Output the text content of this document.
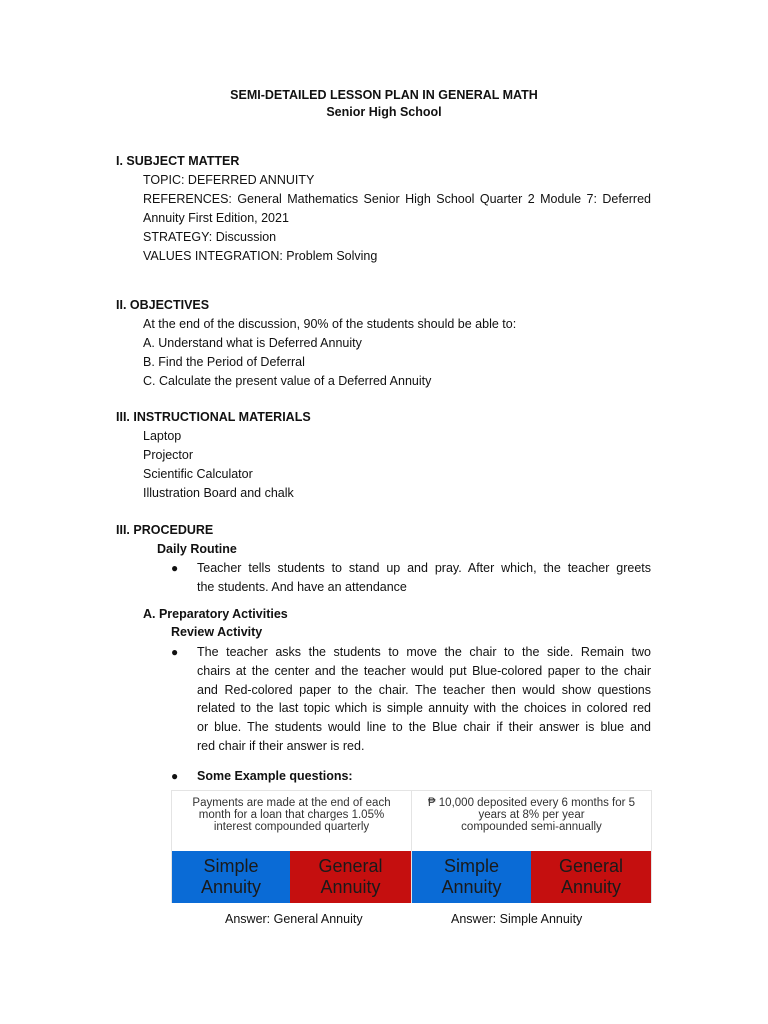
SEMI-DETAILED LESSON PLAN IN GENERAL MATH
Senior High School
I. SUBJECT MATTER
TOPIC: DEFERRED ANNUITY
REFERENCES: General Mathematics Senior High School Quarter 2 Module 7: Deferred
Annuity First Edition, 2021
STRATEGY: Discussion
VALUES INTEGRATION: Problem Solving
II. OBJECTIVES
At the end of the discussion, 90% of the students should be able to:
A. Understand what is Deferred Annuity
B. Find the Period of Deferral
C. Calculate the present value of a Deferred Annuity
III. INSTRUCTIONAL MATERIALS
Laptop
Projector
Scientific Calculator
Illustration Board and chalk
III. PROCEDURE
Daily Routine
● Teacher tells students to stand up and pray. After which, the teacher greets
the students. And have an attendance
A. Preparatory Activities
Review Activity
● The teacher asks the students to move the chair to the side. Remain two
chairs at the center and the teacher would put Blue-colored paper to the chair
and Red-colored paper to the chair. The teacher then would show questions
related to the last topic which is simple annuity with the choices in colored red
or blue. The students would line to the Blue chair if their answer is blue and
red chair if their answer is red.
● Some Example questions:
Payments are made at the end of each
month for a loan that charges 1.05%
interest compounded quarterly
Simple
Annuity
General
Annuity
₱ 10,000 deposited every 6 months for 5
years at 8% per year
compounded semi-annually
Simple
Annuity
General
Annuity
Answer: General Annuity	Answer: Simple Annuity
